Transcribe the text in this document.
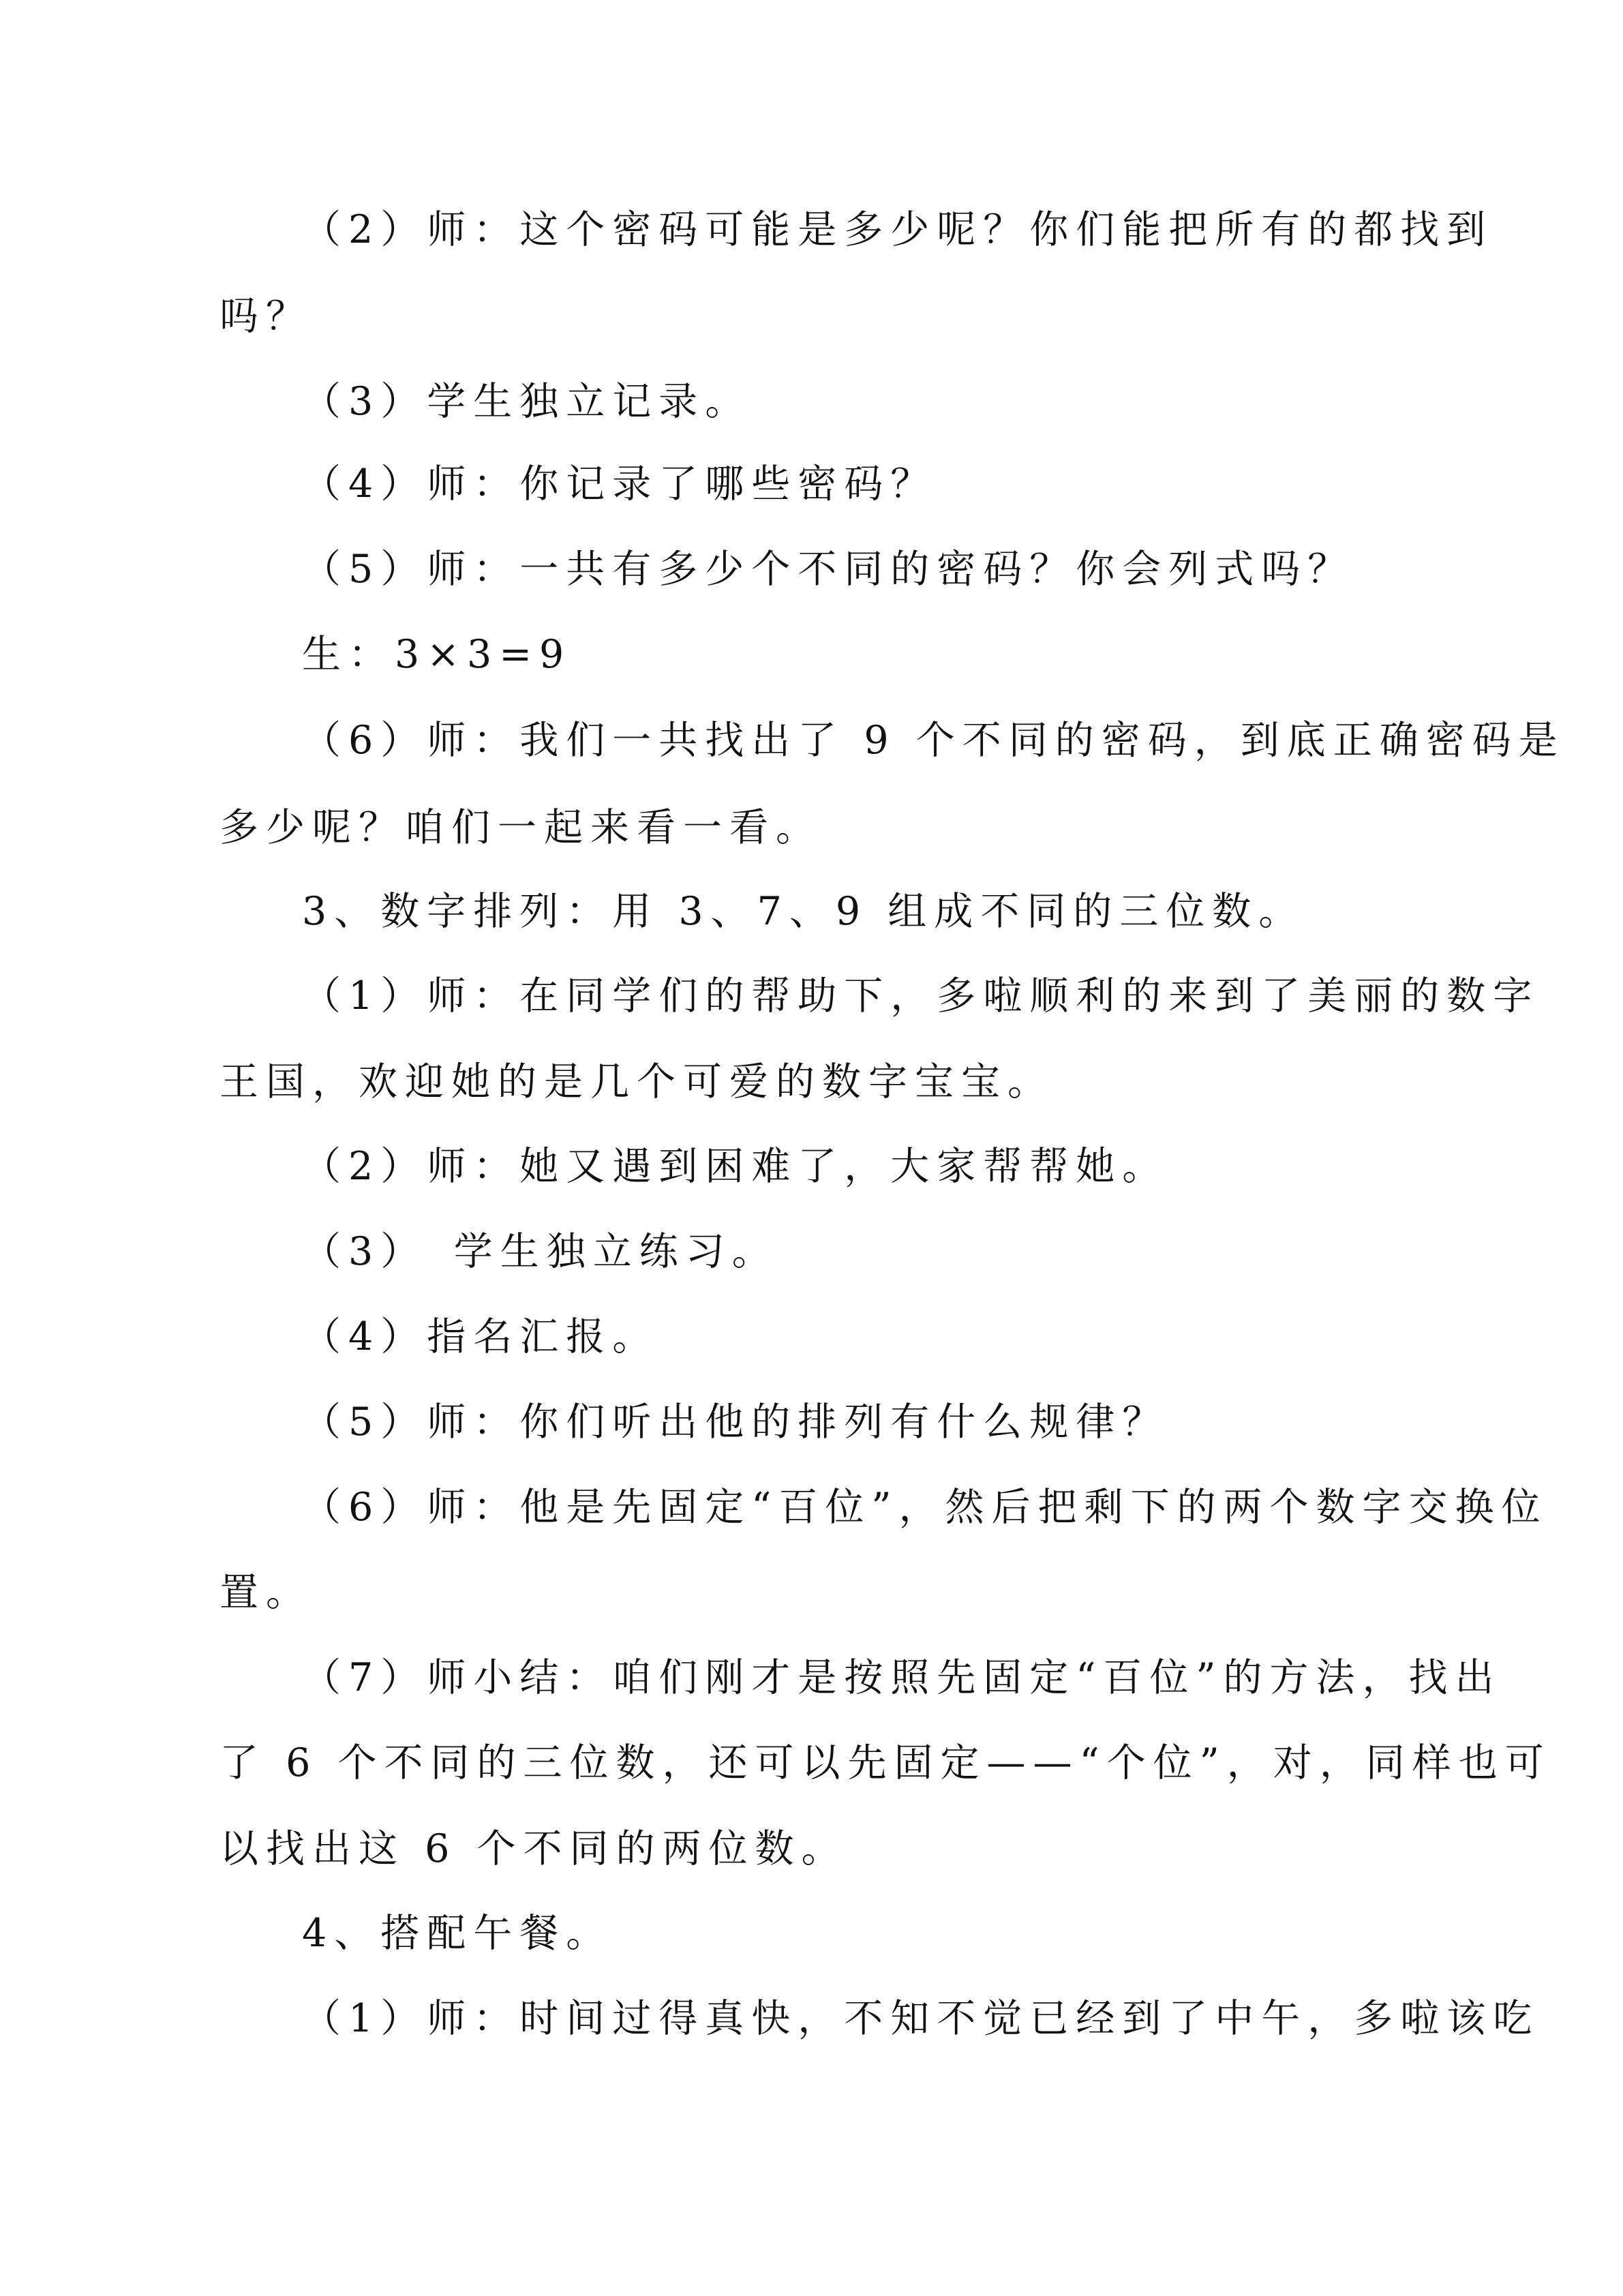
（2）师：这个密码可能是多少呢？你们能把所有的都找到
吗？
（3）学生独立记录。
（4）师：你记录了哪些密码？
（5）师：一共有多少个不同的密码？你会列式吗？
生：3×3=9
（6）师：我们一共找出了 9 个不同的密码，到底正确密码是
多少呢？咱们一起来看一看。
3、数字排列：用 3、7、9 组成不同的三位数。
（1）师：在同学们的帮助下，多啦顺利的来到了美丽的数字
王国，欢迎她的是几个可爱的数字宝宝。
（2）师：她又遇到困难了，大家帮帮她。
（3）　学生独立练习。
（4）指名汇报。
（5）师：你们听出他的排列有什么规律？
（6）师：他是先固定“百位”，然后把剩下的两个数字交换位
置。
（7）师小结：咱们刚才是按照先固定“百位”的方法，找出
了 6 个不同的三位数，还可以先固定——“个位”，对，同样也可
以找出这 6 个不同的两位数。
4、搭配午餐。
（1）师：时间过得真快，不知不觉已经到了中午，多啦该吃
